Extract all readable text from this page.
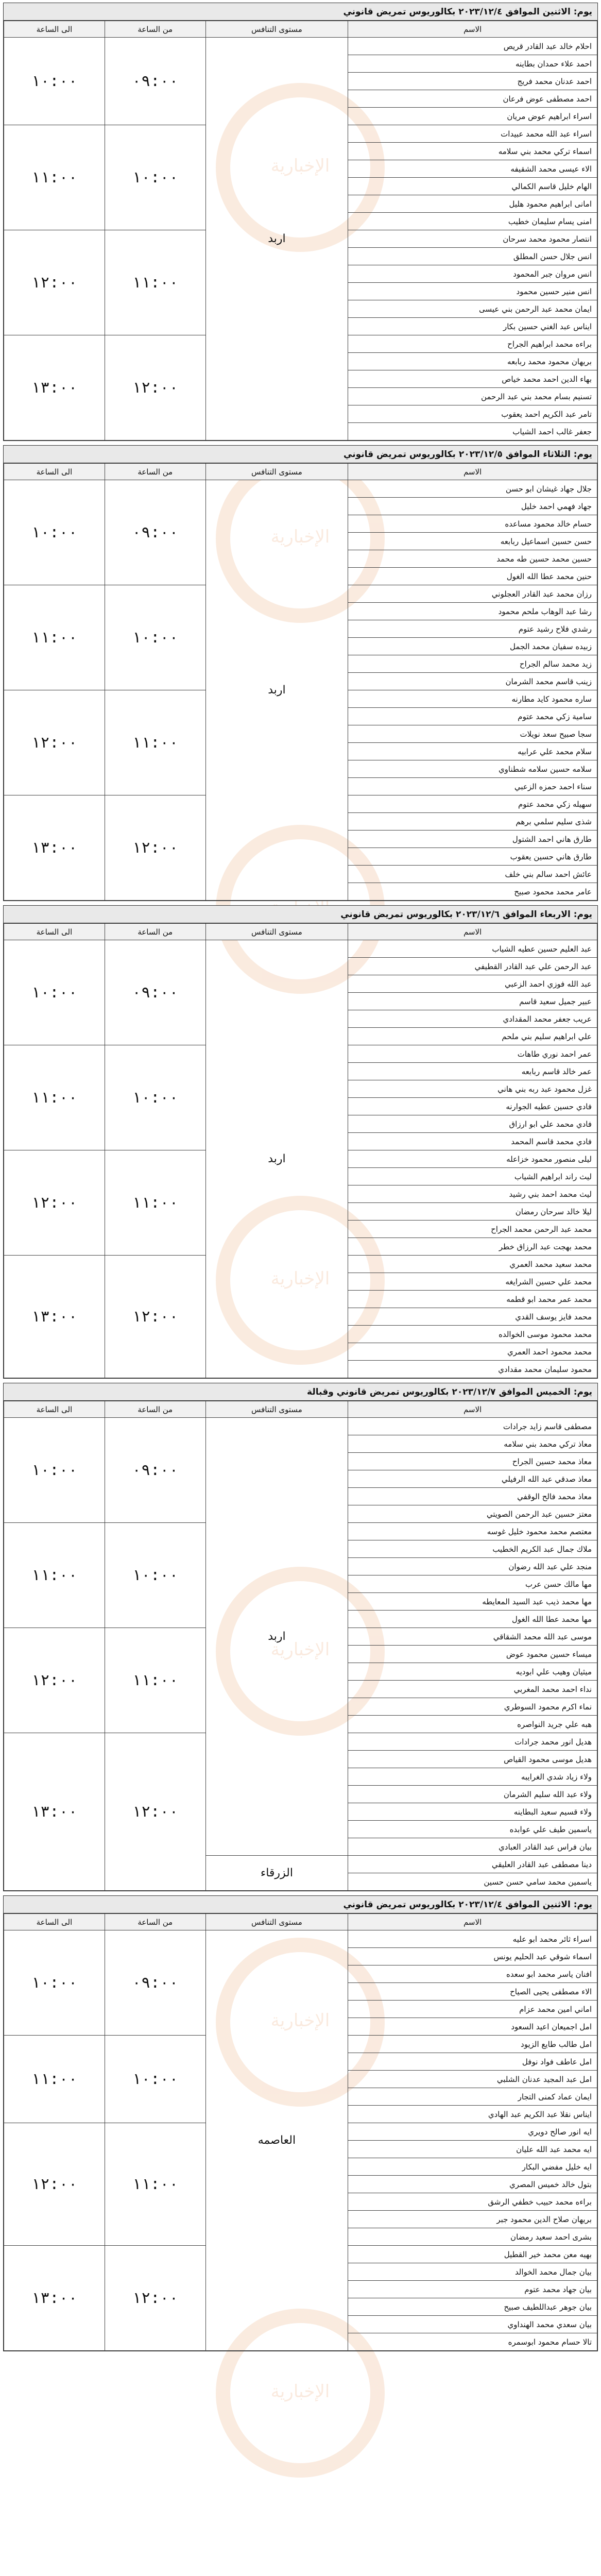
الإخبارية
الإخبارية
الإخبارية
الإخبارية
الإخبارية
الإخبارية
يوم: الاثنين الموافق ٢٠٢٣/١٢/٤ بكالوريوس تمريض قانوني
الاسم	مستوى التنافس	من الساعة	الى الساعة
احلام خالد عبد القادر قريص	اربد	٠٩:٠٠	١٠:٠٠
احمد علاء حمدان بطاينه			
احمد عدنان محمد فريج			
احمد مصطفى عوض فرعان			
اسراء ابراهيم عوض مريان			
اسراء عبد الله محمد عبيدات		١٠:٠٠	١١:٠٠
اسماء تركي محمد بني سلامه			
الاء عيسى محمد الشقيفه			
الهام خليل قاسم الكمالي			
امانى ابراهيم محمود هليل			
امنى يسام سليمان خطيب			
انتصار محمود محمد سرحان		١١:٠٠	١٢:٠٠
انس جلال حسن المطلق			
انس مروان جبر المحمود			
انس منير حسين محمود			
ايمان محمد عبد الرحمن بني عيسى			
ايناس عبد الغني حسين بكار			
براءه محمد ابراهيم الجراح		١٢:٠٠	١٣:٠٠
بريهان محمود محمد ربابعه			
بهاء الدين احمد محمد خياص			
تسنيم بسام محمد بني عبد الرحمن			
تامر عبد الكريم احمد يعقوب			
جعفر غالب احمد الشياب			
يوم: الثلاثاء الموافق ٢٠٢٣/١٢/٥ بكالوريوس تمريض قانوني
الاسم	مستوى التنافس	من الساعة	الى الساعة
جلال جهاد غيشان ابو حسن	اربد	٠٩:٠٠	١٠:٠٠
جهاد فهمي احمد خليل			
حسام خالد محمود مساعده			
حسن حسين اسماعيل ربابعه			
حسين محمد حسين طه محمد			
حنين محمد عطا الله الغول			
رزان محمد عبد القادر العجلوني		١٠:٠٠	١١:٠٠
رشا عبد الوهاب ملحم محمود			
رشدي فلاح رشيد عتوم			
زبيده سفيان محمد الجمل			
زيد محمد سالم الجراح			
زينب قاسم محمد الشرمان			
ساره محمود كايد مطارنه		١١:٠٠	١٢:٠٠
سامية زكي محمد عتوم			
سجا صبيح سعد نويلات			
سلام محمد علي عرابيه			
سلامه حسين سلامه شطناوي			
سناء احمد حمزه الزعبي			
سهيله زكي محمد عتوم		١٢:٠٠	١٣:٠٠
شذى سليم سلمي برهم			
طارق هاني احمد الشتول			
طارق هاني حسين يعقوب			
عائش احمد سالم بني خلف			
عامر محمد محمود صبيح			
يوم: الاربعاء الموافق ٢٠٢٣/١٢/٦ بكالوريوس تمريض قانوني
الاسم	مستوى التنافس	من الساعة	الى الساعة
عبد العليم حسين عطيه الشياب	اربد	٠٩:٠٠	١٠:٠٠
عبد الرحمن علي عبد القادر القطيفي			
عبد الله فوزي احمد الزعبي			
عبير جميل سعيد قاسم			
عريب جعفر محمد المقدادي			
علي ابراهيم سليم بني ملحم			
عمر احمد نوري طاهات		١٠:٠٠	١١:٠٠
عمر خالد قاسم ربابعه			
غزل محمود عبد ربه بني هاني			
فادي حسين عطيه الجوارنه			
فادي محمد علي ابو ارزاق			
فادي محمد قاسم المحمد			
ليلى منصور محمود خزاعله		١١:٠٠	١٢:٠٠
ليث راند ابراهيم الشياب			
ليث محمد احمد بني رشيد			
ليلا خالد سرحان رمضان			
محمد عبد الرحمن محمد الجراح			
محمد بهجت عبد الرزاق خطر			
محمد سعيد محمد العمري		١٢:٠٠	١٣:٠٠
محمد علي حسين الشرايغه			
محمد عمر محمد ابو قطمه			
محمد فايز يوسف القدي			
محمد محمود موسى الخوالده			
محمد محمود احمد العمري			
محمود سليمان محمد مقدادي			
يوم: الخميس الموافق ٢٠٢٣/١٢/٧ بكالوريوس تمريض قانوني وقبالة
الاسم	مستوى التنافس	من الساعة	الى الساعة
مصطفى قاسم زايد جرادات	اربد	٠٩:٠٠	١٠:٠٠
معاذ تركي محمد بني سلامه			
معاذ محمد حسين الجراح			
معاذ صدقي عبد الله الرفيلي			
معاذ محمد فالح الوقفي			
معتز حسين عبد الرحمن الصويتي			
معتصم محمد محمود خليل غوسه		١٠:٠٠	١١:٠٠
ملاك جمال عبد الكريم الخطيب			
منجد علي عبد الله رضوان			
مها مالك حسن عرب			
مها محمد ذيب عبد السيد المعايطه			
مها محمد عطا الله الغول			
موسى عبد الله محمد الشقاقي		١١:٠٠	١٢:٠٠
ميساء حسين محمود عوض			
ميثيان وهيب علي ابوديه			
نداء احمد محمد المغربي			
نماء اكرم محمود السوطري			
هبه علي جريد النواصره			
هديل انور محمد جرادات		١٢:٠٠	١٣:٠٠
هديل موسى محمود القياص			
ولاء زياد شدي الغرايبه			
ولاء عبد الله سليم الشرمان			
ولاء قسيم سعيد البطاينه			
ياسمين طيف علي عوابده			
بيان فراس عبد القادر العبادي			
دينا مصطفى عبد القادر العليقي	الزرقاء		
ياسمين محمد سامي حسن حسين			
يوم: الاثنين الموافق ٢٠٢٣/١٢/٤ بكالوريوس تمريض قانوني
الاسم	مستوى التنافس	من الساعة	الى الساعة
اسراء ثائر محمد ابو عليه	العاصمه	٠٩:٠٠	١٠:٠٠
اسماء شوقي عبد الحليم يونس			
افنان ياسر محمد ابو سعده			
الاء مصطفى يحيى الصياح			
اماني امين محمد عزام			
امل اجميعان اعيد السعود			
امل طالب طايع الزيود		١٠:٠٠	١١:٠٠
امل عاطف فواد نوفل			
امل عبد المجيد عدنان الشلبي			
ايمان عماد كمنى التجار			
ايناس نقلا عبد الكريم عبد الهادي			
ايه انور صالح دويري		١١:٠٠	١٢:٠٠
ايه محمد عبد الله عليان			
ايه خليل مفضي البكار			
بتول خالد خميس المصري			
براءه محمد حبيب خطفي الرشق			
بريهان صلاح الدين محمود جبر			
بشرى احمد سعيد رمضان			
بهيه معن محمد خير القطيل		١٢:٠٠	١٣:٠٠
بيان جمال محمد الخوالد			
بيان جهاد محمد عتوم			
بيان جوهر عبداللطيف صبيح			
بيان سعدي محمد الهنداوي			
تالا حسام محمود ابوسمره			
